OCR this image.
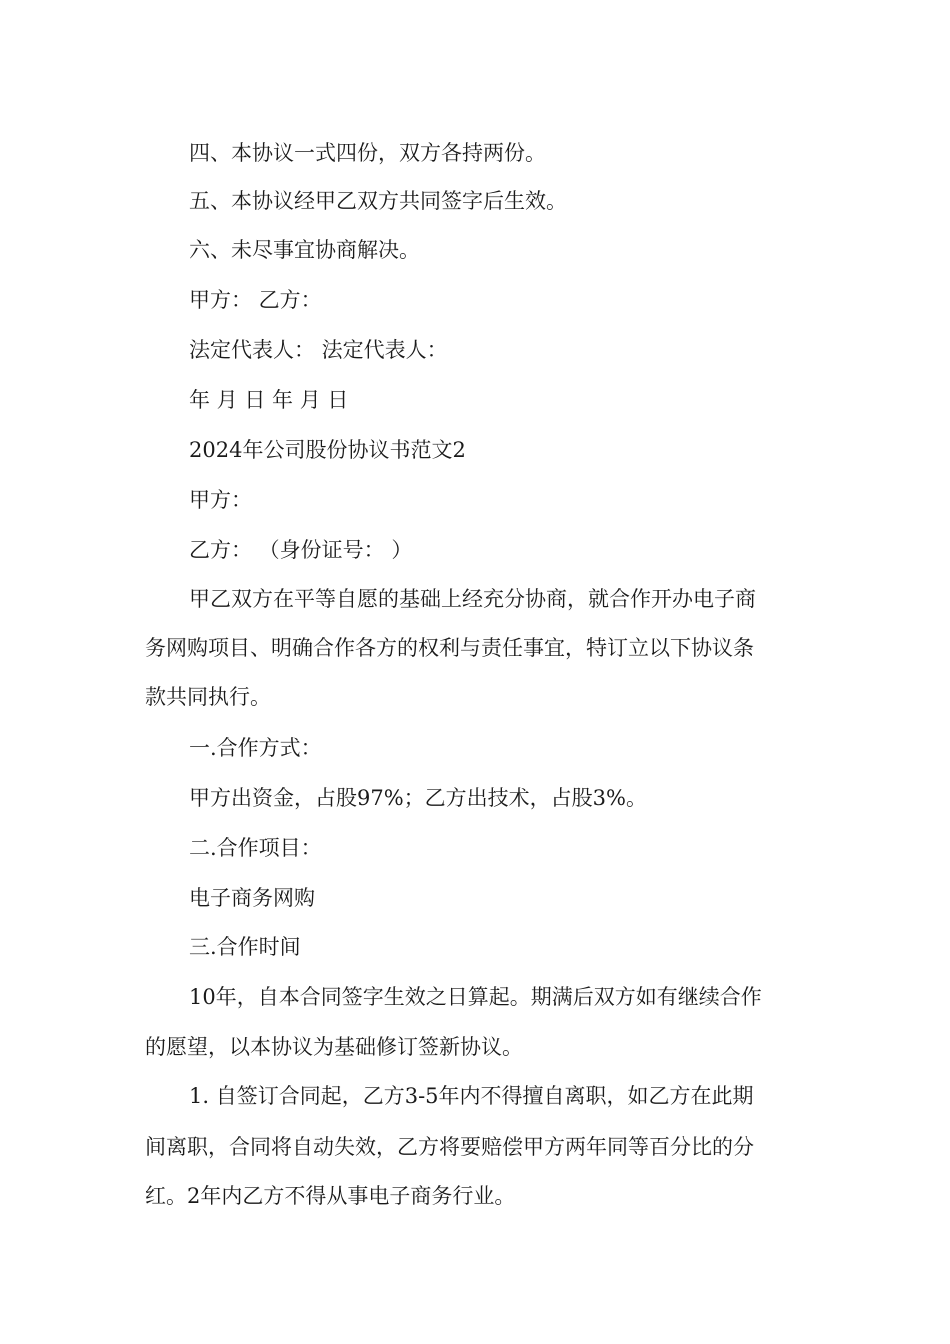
四、本协议一式四份，双方各持两份。
五、本协议经甲乙双方共同签字后生效。
六、未尽事宜协商解决。
甲方： 乙方：
法定代表人： 法定代表人：
年 月 日 年 月 日
2024年公司股份协议书范文2
甲方：
乙方： （身份证号： ）
甲乙双方在平等自愿的基础上经充分协商，就合作开办电子商
务网购项目、明确合作各方的权利与责任事宜，特订立以下协议条
款共同执行。
一.合作方式：
甲方出资金，占股97%；乙方出技术，占股3%。
二.合作项目：
电子商务网购
三.合作时间
10年，自本合同签字生效之日算起。期满后双方如有继续合作
的愿望，以本协议为基础修订签新协议。
1. 自签订合同起，乙方3-5年内不得擅自离职，如乙方在此期
间离职，合同将自动失效，乙方将要赔偿甲方两年同等百分比的分
红。2年内乙方不得从事电子商务行业。
